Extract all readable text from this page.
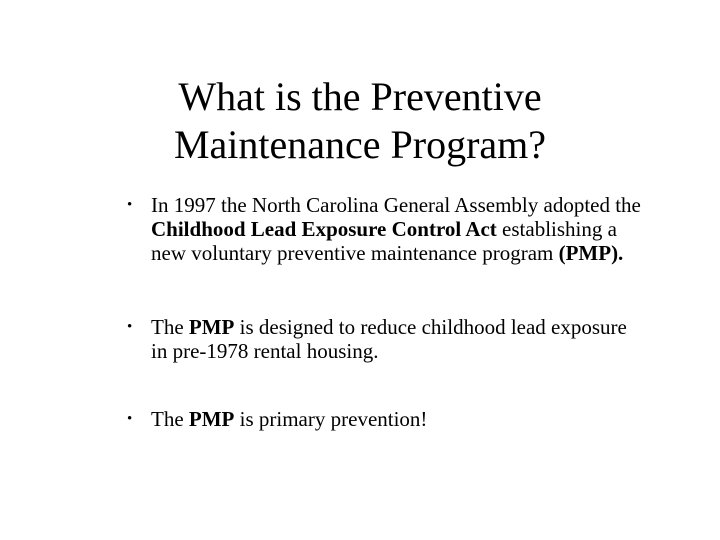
What is the Preventive
Maintenance Program?
• In 1997 the North Carolina General Assembly adopted the Childhood Lead Exposure Control Act establishing a new voluntary preventive maintenance program (PMP).
• The PMP is designed to reduce childhood lead exposure in pre-1978 rental housing.
• The PMP is primary prevention!
